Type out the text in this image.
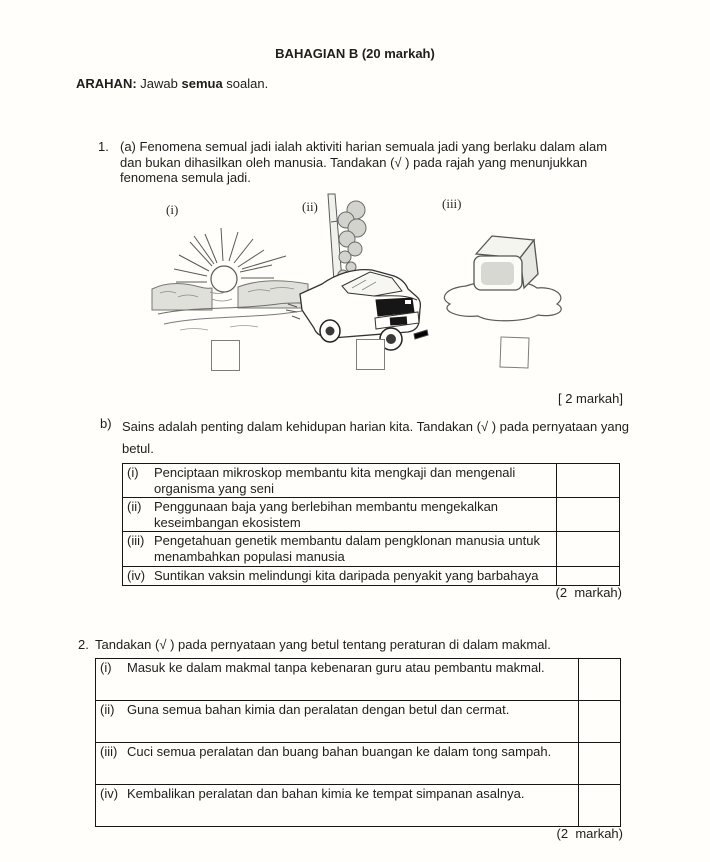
BAHAGIAN B (20 markah)
ARAHAN: Jawab semua soalan.
1. (a) Fenomena semual jadi ialah aktiviti harian semuala jadi yang berlaku dalam alam dan bukan dihasilkan oleh manusia. Tandakan (√ ) pada rajah yang menunjukkan fenomena semula jadi.
(i)	(ii)	(iii)
[ 2 markah]
b) Sains adalah penting dalam kehidupan harian kita. Tandakan (√ ) pada pernyataan yang betul.
(i) Penciptaan mikroskop membantu kita mengkaji dan mengenali organisma yang seni	

(ii) Penggunaan baja yang berlebihan membantu mengekalkan keseimbangan ekosistem	

(iii) Pengetahuan genetik membantu dalam pengklonan manusia untuk menambahkan populasi manusia	

(iv) Suntikan vaksin melindungi kita daripada penyakit yang barbahaya	

(2  markah)
2. Tandakan (√ ) pada pernyataan yang betul tentang peraturan di dalam makmal.
(i) Masuk ke dalam makmal tanpa kebenaran guru atau pembantu makmal.	

(ii) Guna semua bahan kimia dan peralatan dengan betul dan cermat.	

(iii) Cuci semua peralatan dan buang bahan buangan ke dalam tong sampah.	

(iv) Kembalikan peralatan dan bahan kimia ke tempat simpanan asalnya.	

(2  markah)
